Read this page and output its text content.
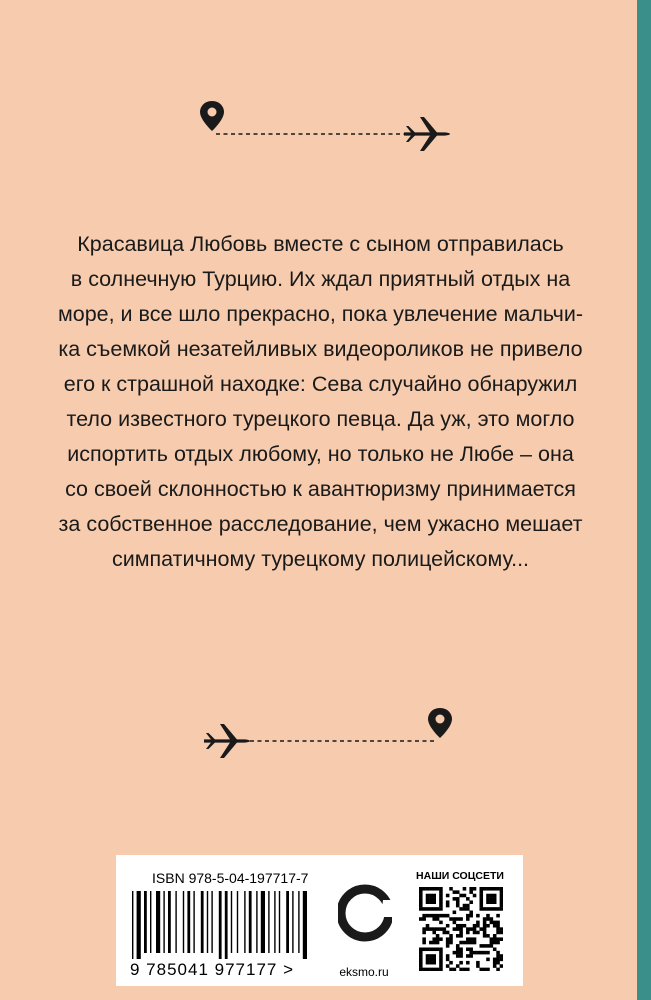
Красавица Любовь вместе с сыном отправилась
в солнечную Турцию. Их ждал приятный отдых на
море, и все шло прекрасно, пока увлечение мальчи-
ка съемкой незатейливых видеороликов не привело
его к страшной находке: Сева случайно обнаружил
тело известного турецкого певца. Да уж, это могло
испортить отдых любому, но только не Любе – она
со своей склонностью к авантюризму принимается
за собственное расследование, чем ужасно мешает
симпатичному турецкому полицейскому...
ISBN 978-5-04-197717-7
9 785041 977177 >	eksmo.ru
НАШИ СОЦСЕТИ
